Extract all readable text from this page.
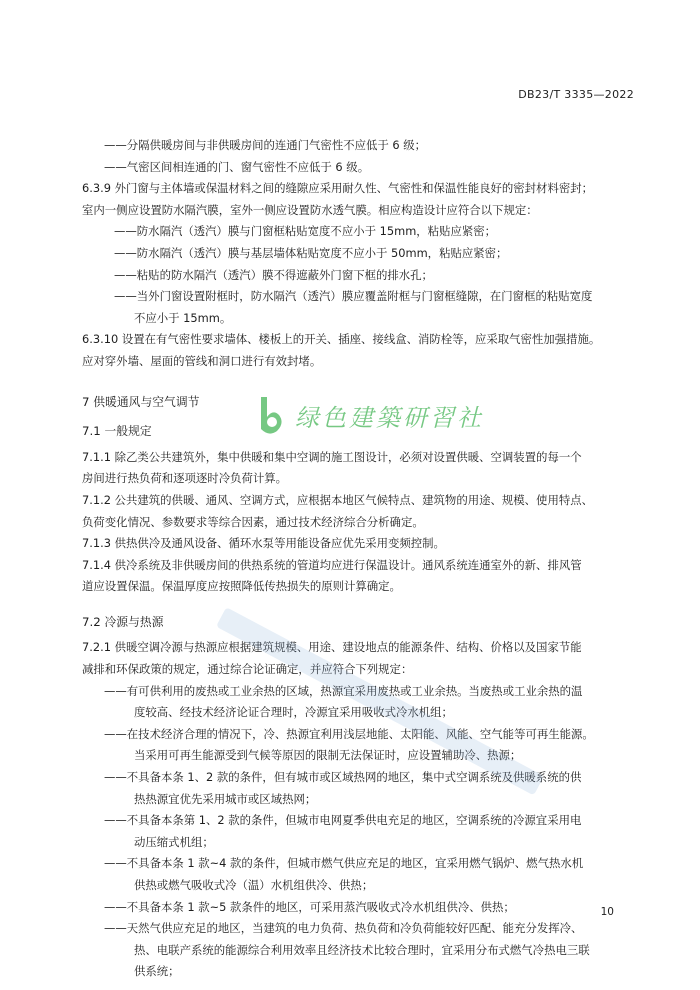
DB23/T 3335—2022
——分隔供暖房间与非供暖房间的连通门气密性不应低于 6 级；
——气密区间相连通的门、窗气密性不应低于 6 级。
6.3.9 外门窗与主体墙或保温材料之间的缝隙应采用耐久性、气密性和保温性能良好的密封材料密封；
室内一侧应设置防水隔汽膜，室外一侧应设置防水透气膜。相应构造设计应符合以下规定：
——防水隔汽（透汽）膜与门窗框粘贴宽度不应小于 15mm，粘贴应紧密；
——防水隔汽（透汽）膜与基层墙体粘贴宽度不应小于 50mm，粘贴应紧密；
——粘贴的防水隔汽（透汽）膜不得遮蔽外门窗下框的排水孔；
——当外门窗设置附框时，防水隔汽（透汽）膜应覆盖附框与门窗框缝隙，在门窗框的粘贴宽度
不应小于 15mm。
6.3.10 设置在有气密性要求墙体、楼板上的开关、插座、接线盒、消防栓等，应采取气密性加强措施。
应对穿外墙、屋面的管线和洞口进行有效封堵。
7 供暖通风与空气调节
7.1 一般规定
7.1.1 除乙类公共建筑外，集中供暖和集中空调的施工图设计，必须对设置供暖、空调装置的每一个
房间进行热负荷和逐项逐时冷负荷计算。
7.1.2 公共建筑的供暖、通风、空调方式，应根据本地区气候特点、建筑物的用途、规模、使用特点、
负荷变化情况、参数要求等综合因素，通过技术经济综合分析确定。
7.1.3 供热供冷及通风设备、循环水泵等用能设备应优先采用变频控制。
7.1.4 供冷系统及非供暖房间的供热系统的管道均应进行保温设计。通风系统连通室外的新、排风管
道应设置保温。保温厚度应按照降低传热损失的原则计算确定。
7.2 冷源与热源
7.2.1 供暖空调冷源与热源应根据建筑规模、用途、建设地点的能源条件、结构、价格以及国家节能
减排和环保政策的规定，通过综合论证确定，并应符合下列规定：
——有可供利用的废热或工业余热的区域，热源宜采用废热或工业余热。当废热或工业余热的温
度较高、经技术经济论证合理时，冷源宜采用吸收式冷水机组；
——在技术经济合理的情况下，冷、热源宜利用浅层地能、太阳能、风能、空气能等可再生能源。
当采用可再生能源受到气候等原因的限制无法保证时，应设置辅助冷、热源；
——不具备本条 1、2 款的条件，但有城市或区域热网的地区，集中式空调系统及供暖系统的供
热热源宜优先采用城市或区域热网；
——不具备本条第 1、2 款的条件，但城市电网夏季供电充足的地区，空调系统的冷源宜采用电
动压缩式机组；
——不具备本条 1 款~4 款的条件，但城市燃气供应充足的地区，宜采用燃气锅炉、燃气热水机
供热或燃气吸收式冷（温）水机组供冷、供热；
——不具备本条 1 款~5 款条件的地区，可采用蒸汽吸收式冷水机组供冷、供热；
——天然气供应充足的地区，当建筑的电力负荷、热负荷和冷负荷能较好匹配、能充分发挥冷、
热、电联产系统的能源综合利用效率且经济技术比较合理时，宜采用分布式燃气冷热电三联
供系统；
绿色建築研習社
10
